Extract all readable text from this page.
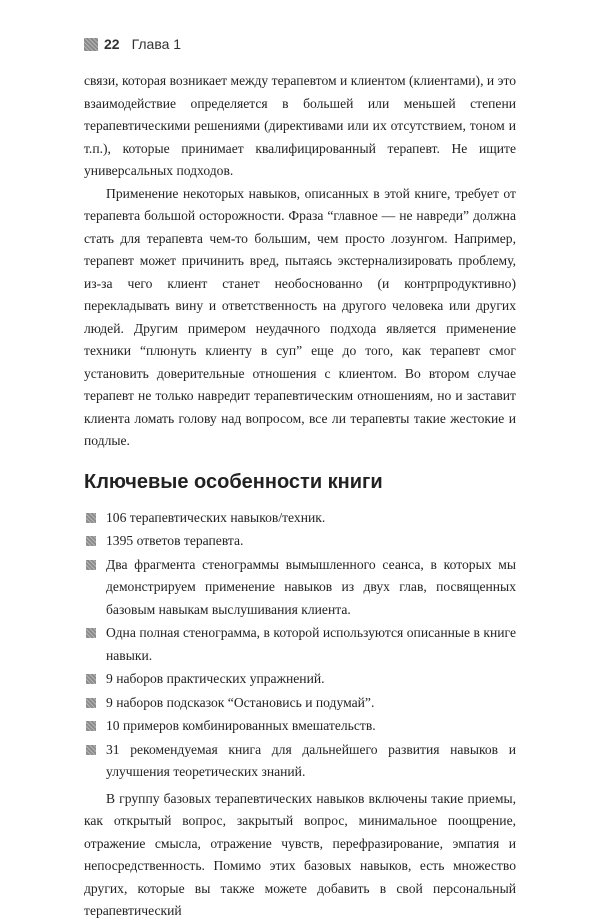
22 Глава 1

связи, которая возникает между терапевтом и клиентом (клиентами), и это взаимодействие определяется в большей или меньшей степени терапевтическими решениями (директивами или их отсутствием, тоном и т.п.), которые принимает квалифицированный терапевт. Не ищите универсальных подходов.

Применение некоторых навыков, описанных в этой книге, требует от терапевта большой осторожности. Фраза “главное — не навреди” должна стать для терапевта чем-то большим, чем просто лозунгом. Например, терапевт может причинить вред, пытаясь экстернализировать проблему, из-за чего клиент станет необоснованно (и контрпродуктивно) перекладывать вину и ответственность на другого человека или других людей. Другим примером неудачного подхода является применение техники “плюнуть клиенту в суп” еще до того, как терапевт смог установить доверительные отношения с клиентом. Во втором случае терапевт не только навредит терапевтическим отношениям, но и заставит клиента ломать голову над вопросом, все ли терапевты такие жестокие и подлые.

Ключевые особенности книги
106 терапевтических навыков/техник.
1395 ответов терапевта.
Два фрагмента стенограммы вымышленного сеанса, в которых мы демонстрируем применение навыков из двух глав, посвященных базовым навыкам выслушивания клиента.
Одна полная стенограмма, в которой используются описанные в книге навыки.
9 наборов практических упражнений.
9 наборов подсказок “Остановись и подумай”.
10 примеров комбинированных вмешательств.
31 рекомендуемая книга для дальнейшего развития навыков и улучшения теоретических знаний.

В группу базовых терапевтических навыков включены такие приемы, как открытый вопрос, закрытый вопрос, минимальное поощрение, отражение смысла, отражение чувств, перефразирование, эмпатия и непосредственность. Помимо этих базовых навыков, есть множество других, которые вы также можете добавить в свой персональный терапевтический
